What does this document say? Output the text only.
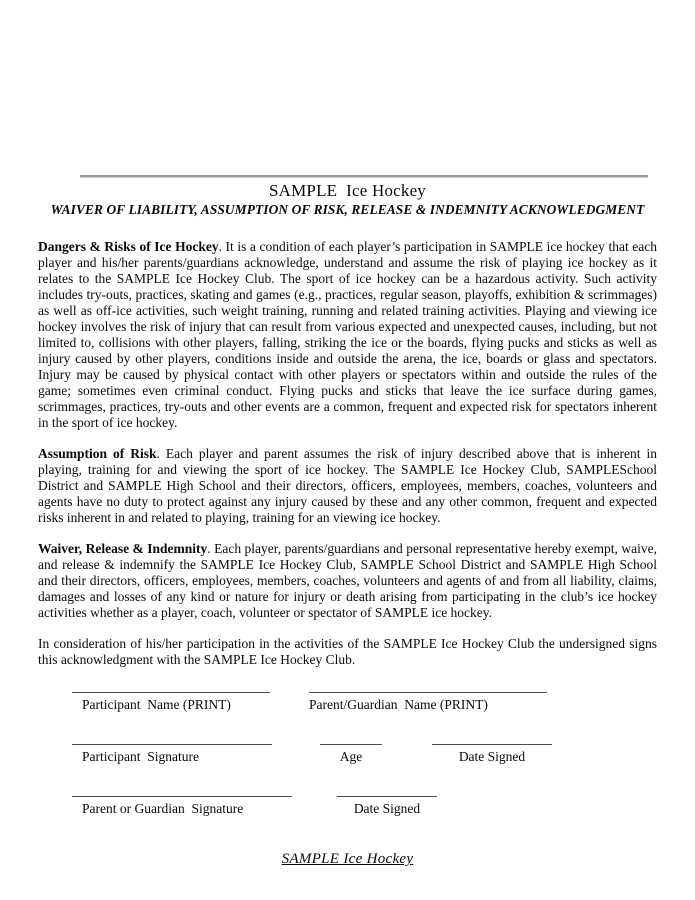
SAMPLE  Ice Hockey
WAIVER OF LIABILITY, ASSUMPTION OF RISK, RELEASE & INDEMNITY ACKNOWLEDGMENT

Dangers & Risks of Ice Hockey. It is a condition of each player’s participation in SAMPLE ice hockey that each player and his/her parents/guardians acknowledge, understand and assume the risk of playing ice hockey as it relates to the SAMPLE Ice Hockey Club. The sport of ice hockey can be a hazardous activity. Such activity includes try-outs, practices, skating and games (e.g., practices, regular season, playoffs, exhibition & scrimmages) as well as off-ice activities, such weight training, running and related training activities. Playing and viewing ice hockey involves the risk of injury that can result from various expected and unexpected causes, including, but not limited to, collisions with other players, falling, striking the ice or the boards, flying pucks and sticks as well as injury caused by other players, conditions inside and outside the arena, the ice, boards or glass and spectators. Injury may be caused by physical contact with other players or spectators within and outside the rules of the game; sometimes even criminal conduct. Flying pucks and sticks that leave the ice surface during games, scrimmages, practices, try-outs and other events are a common, frequent and expected risk for spectators inherent in the sport of ice hockey.

Assumption of Risk. Each player and parent assumes the risk of injury described above that is inherent in playing, training for and viewing the sport of ice hockey. The SAMPLE Ice Hockey Club, SAMPLESchool District and SAMPLE High School and their directors, officers, employees, members, coaches, volunteers and agents have no duty to protect against any injury caused by these and any other common, frequent and expected risks inherent in and related to playing, training for an viewing ice hockey.

Waiver, Release & Indemnity. Each player, parents/guardians and personal representative hereby exempt, waive, and release & indemnify the SAMPLE Ice Hockey Club, SAMPLE School District and SAMPLE High School and their directors, officers, employees, members, coaches, volunteers and agents of and from all liability, claims, damages and losses of any kind or nature for injury or death arising from participating in the club’s ice hockey activities whether as a player, coach, volunteer or spectator of SAMPLE ice hockey.

In consideration of his/her participation in the activities of the SAMPLE Ice Hockey Club the undersigned signs this acknowledgment with the SAMPLE Ice Hockey Club.

Participant  Name (PRINT)	Parent/Guardian  Name (PRINT)
Participant  Signature	Age	Date Signed
Parent or Guardian  Signature	Date Signed
SAMPLE Ice Hockey
